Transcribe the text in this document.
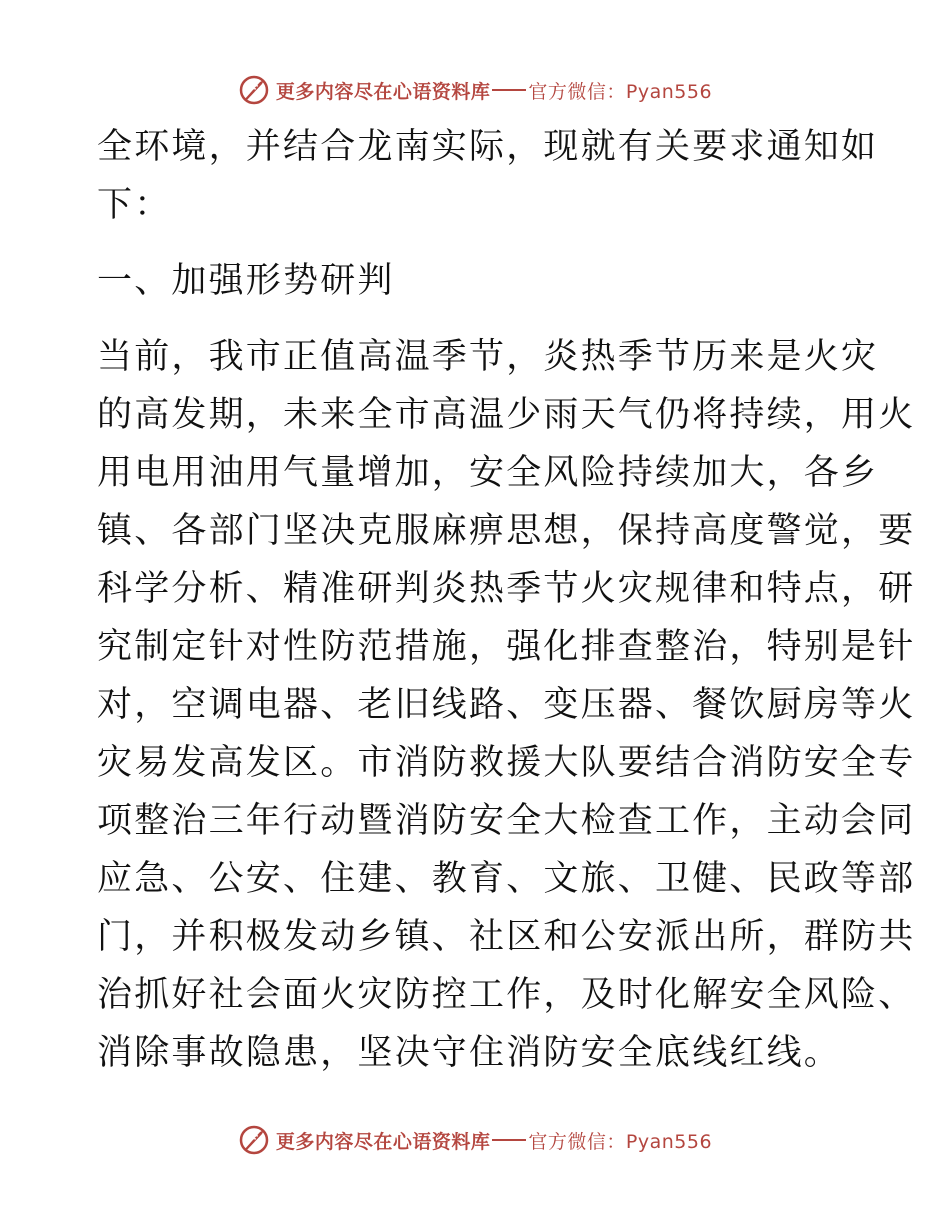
更多内容尽在心语资料库 官方微信：Pyan556
全环境，并结合龙南实际，现就有关要求通知如
下：
一、加强形势研判
当前，我市正值高温季节，炎热季节历来是火灾
的高发期，未来全市高温少雨天气仍将持续，用火
用电用油用气量增加，安全风险持续加大，各乡
镇、各部门坚决克服麻痹思想，保持高度警觉，要
科学分析、精准研判炎热季节火灾规律和特点，研
究制定针对性防范措施，强化排查整治，特别是针
对，空调电器、老旧线路、变压器、餐饮厨房等火
灾易发高发区。市消防救援大队要结合消防安全专
项整治三年行动暨消防安全大检查工作，主动会同
应急、公安、住建、教育、文旅、卫健、民政等部
门，并积极发动乡镇、社区和公安派出所，群防共
治抓好社会面火灾防控工作，及时化解安全风险、
消除事故隐患，坚决守住消防安全底线红线。
更多内容尽在心语资料库 官方微信：Pyan556
